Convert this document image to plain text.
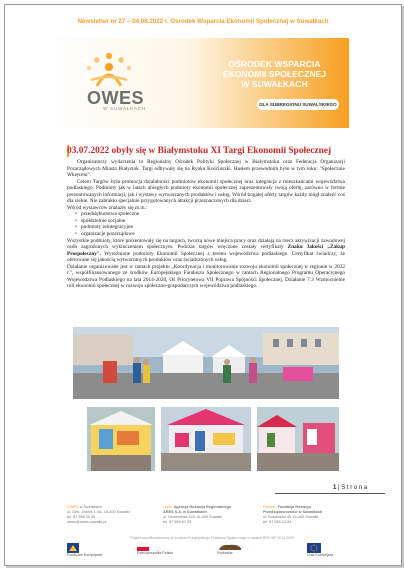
Newsletter nr 27 – 04.08.2022 r. Ośrodek Wsparcia Ekonomii Społecznej w Suwałkach
OWES
W SUWAŁKACH
OŚRODEK WSPARCIA
EKONOMII SPOŁECZNEJ
W SUWAŁKACH
DLA SUBREGIONU SUWALSKIEGO
03.07.2022 obyły się w Białymstoku XI Targi Ekonomii Społecznej

Organizatorzy wydarzenia to Regionalny Ośrodek Polityki Społecznej w Białymstoku oraz Federacja Organizacji Pozarządowych Miasta Białystok. Targi odbywały się na Rynku Kościuszki. Hasłem przewodnim było w tym roku: "Społecznie Wkręceni".

Celem Targów była promocja działalności podmiotów ekonomii społecznej oraz integracja z mieszkańcami województwa podlaskiego. Podmioty jak w latach ubiegłych podmioty ekonomii społecznej zaprezentowały swoją ofertę, zarówno w formie prezentowanych informacji, jak i wystawy wytwarzanych produktów i usług. Wśród bogatej oferty targów każdy mógł znaleźć coś dla siebie. Nie zabrakło specjalnie przygotowanych atrakcji przeznaczonych dla dzieci.

Wśród wystawców znalazły się m.in.:

• przedsiębiorstwa społeczne
• spółdzielnie socjalne
• podmioty reintegracyjne
• organizacje pozarządowe

Wszystkie podmioty, które prezentowały się na targach, tworzą nowe miejsca pracy oraz działają na rzecz aktywizacji zawodowej osób zagrożonych wykluczeniem społecznym. Podczas targów wręczone zostały certyfikaty Znaku Jakości „Zakup Prospołeczny". Wyróżnione podmioty Ekonomii Społecznej z terenu województwa podlaskiego. Certyfikat świadczy, że oferowane się jakością wytwarzanych produktów oraz świadczonych usług.

Działanie organizowane jest w ramach projektu „Koordynacja i monitorowanie rozwoju ekonomii społecznej w regionie w 2022 r.", współfinansowanego ze środków Europejskiego Funduszu Społecznego w ramach Regionalnego Programu Operacyjnego Województwa Podlaskiego na lata 2014-2020, Oś Priorytetowa VII Poprawa Spójności Społecznej, Działanie 7.3 Wzmocnienie roli ekonomii społecznej w rozwoju społeczno-gospodarczym województwa podlaskiego.

1 | S t r o n a
OWES w Suwałkach
ul. Gen. Józefa 1 lok. 16-400 Suwałki
tel. 87 566 20 55
owes@owes-suwalki.pl
Lider: Agencja Rozwoju Regionalnego
ARES S.A. w Suwałkach
ul. Noniewicza 42A 16-400 Suwałki
tel. 87 566 61 05
Partner: Fundacja Rozwoju
Przedsiębiorczości w Suwałkach
ul. Kościuszki 45 16-400 Suwałki
tel. 87 565 13 84
Projekt współfinansowany ze środków Europejskiego Funduszu Społecznego w ramach RPO WP 2014-2020
Fundusze Europejskie	Rzeczpospolita Polska	Podlaskie	Unia Europejska
